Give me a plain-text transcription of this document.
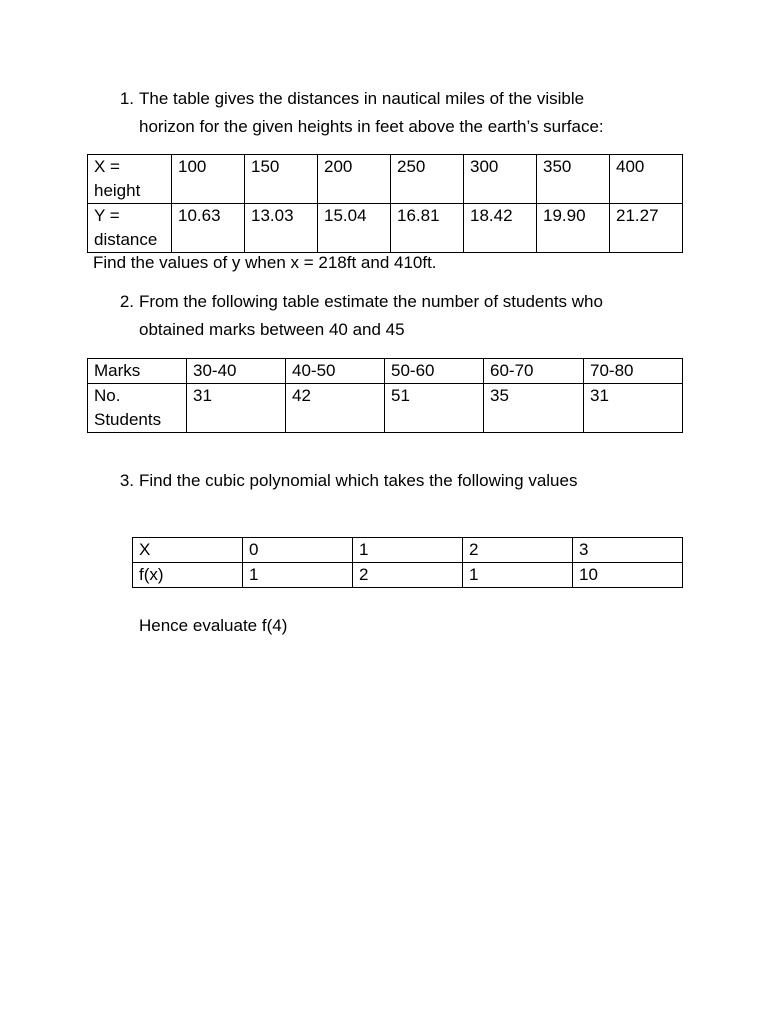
1. The table gives the distances in nautical miles of the visible
horizon for the given heights in feet above the earth’s surface:
X = height	100	150	200	250	300	350	400
Y = distance	10.63	13.03	15.04	16.81	18.42	19.90	21.27
Find the values of y when x = 218ft and 410ft.
2. From the following table estimate the number of students who
obtained marks between 40 and 45
Marks	30-40	40-50	50-60	60-70	70-80
No. Students	31	42	51	35	31
3. Find the cubic polynomial which takes the following values
X	0	1	2	3
f(x)	1	2	1	10
Hence evaluate f(4)
